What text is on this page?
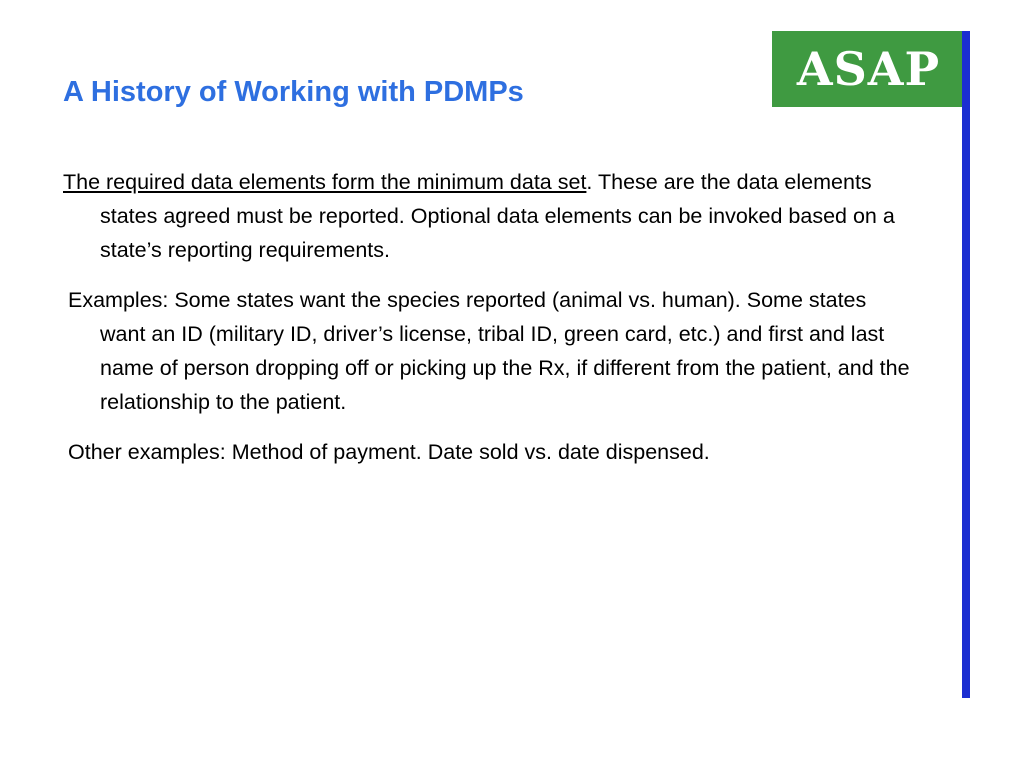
A History of Working with PDMPs	ASAP

The required data elements form the minimum data set. These are the data elements states agreed must be reported. Optional data elements can be invoked based on a state’s reporting requirements.

Examples: Some states want the species reported (animal vs. human). Some states want an ID (military ID, driver’s license, tribal ID, green card, etc.) and first and last name of person dropping off or picking up the Rx, if different from the patient, and the relationship to the patient.

Other examples: Method of payment. Date sold vs. date dispensed.
